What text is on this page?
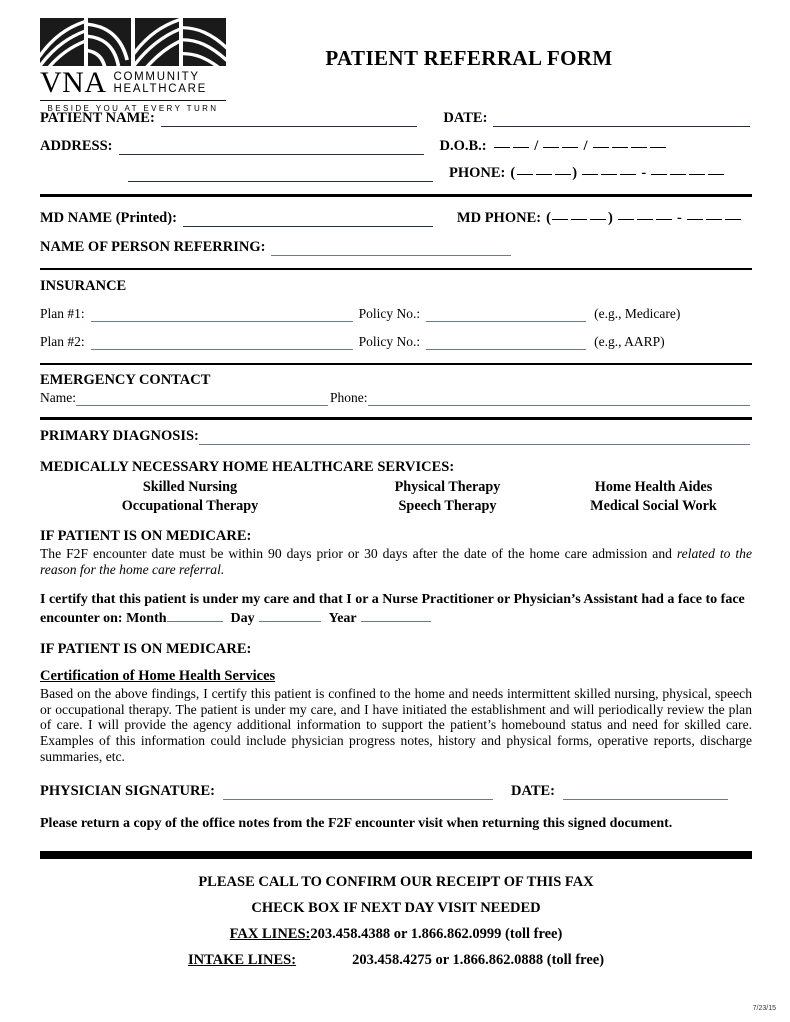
VNA COMMUNITY
HEALTHCARE
BESIDE YOU AT EVERY TURN
PATIENT REFERRAL FORM
PATIENT NAME:	DATE:
ADDRESS:	D.O.B.:	/	/
PHONE: (	)	-
MD NAME (Printed):	MD PHONE: (	)	-
NAME OF PERSON REFERRING:
INSURANCE
Plan #1:	Policy No.:	(e.g., Medicare)
Plan #2:	Policy No.:	(e.g., AARP)
EMERGENCY CONTACT
Name:	Phone:
PRIMARY DIAGNOSIS:
MEDICALLY NECESSARY HOME HEALTHCARE SERVICES:
Skilled Nursing	Physical Therapy	Home Health Aides
Occupational Therapy	Speech Therapy	Medical Social Work
IF PATIENT IS ON MEDICARE:
The F2F encounter date must be within 90 days prior or 30 days after the date of the home care admission and related to the reason for the home care referral.
I certify that this patient is under my care and that I or a Nurse Practitioner or Physician’s Assistant had a face to face
encounter on: Month	Day	Year
IF PATIENT IS ON MEDICARE:
Certification of Home Health Services
Based on the above findings, I certify this patient is confined to the home and needs intermittent skilled nursing, physical, speech or occupational therapy. The patient is under my care, and I have initiated the establishment and will periodically review the plan of care. I will provide the agency additional information to support the patient’s homebound status and need for skilled care. Examples of this information could include physician progress notes, history and physical forms, operative reports, discharge summaries, etc.
PHYSICIAN SIGNATURE:	DATE:
Please return a copy of the office notes from the F2F encounter visit when returning this signed document.
PLEASE CALL TO CONFIRM OUR RECEIPT OF THIS FAX
CHECK BOX IF NEXT DAY VISIT NEEDED
FAX LINES: 203.458.4388 or 1.866.862.0999 (toll free)
INTAKE LINES:	203.458.4275 or 1.866.862.0888 (toll free)
7/23/15
